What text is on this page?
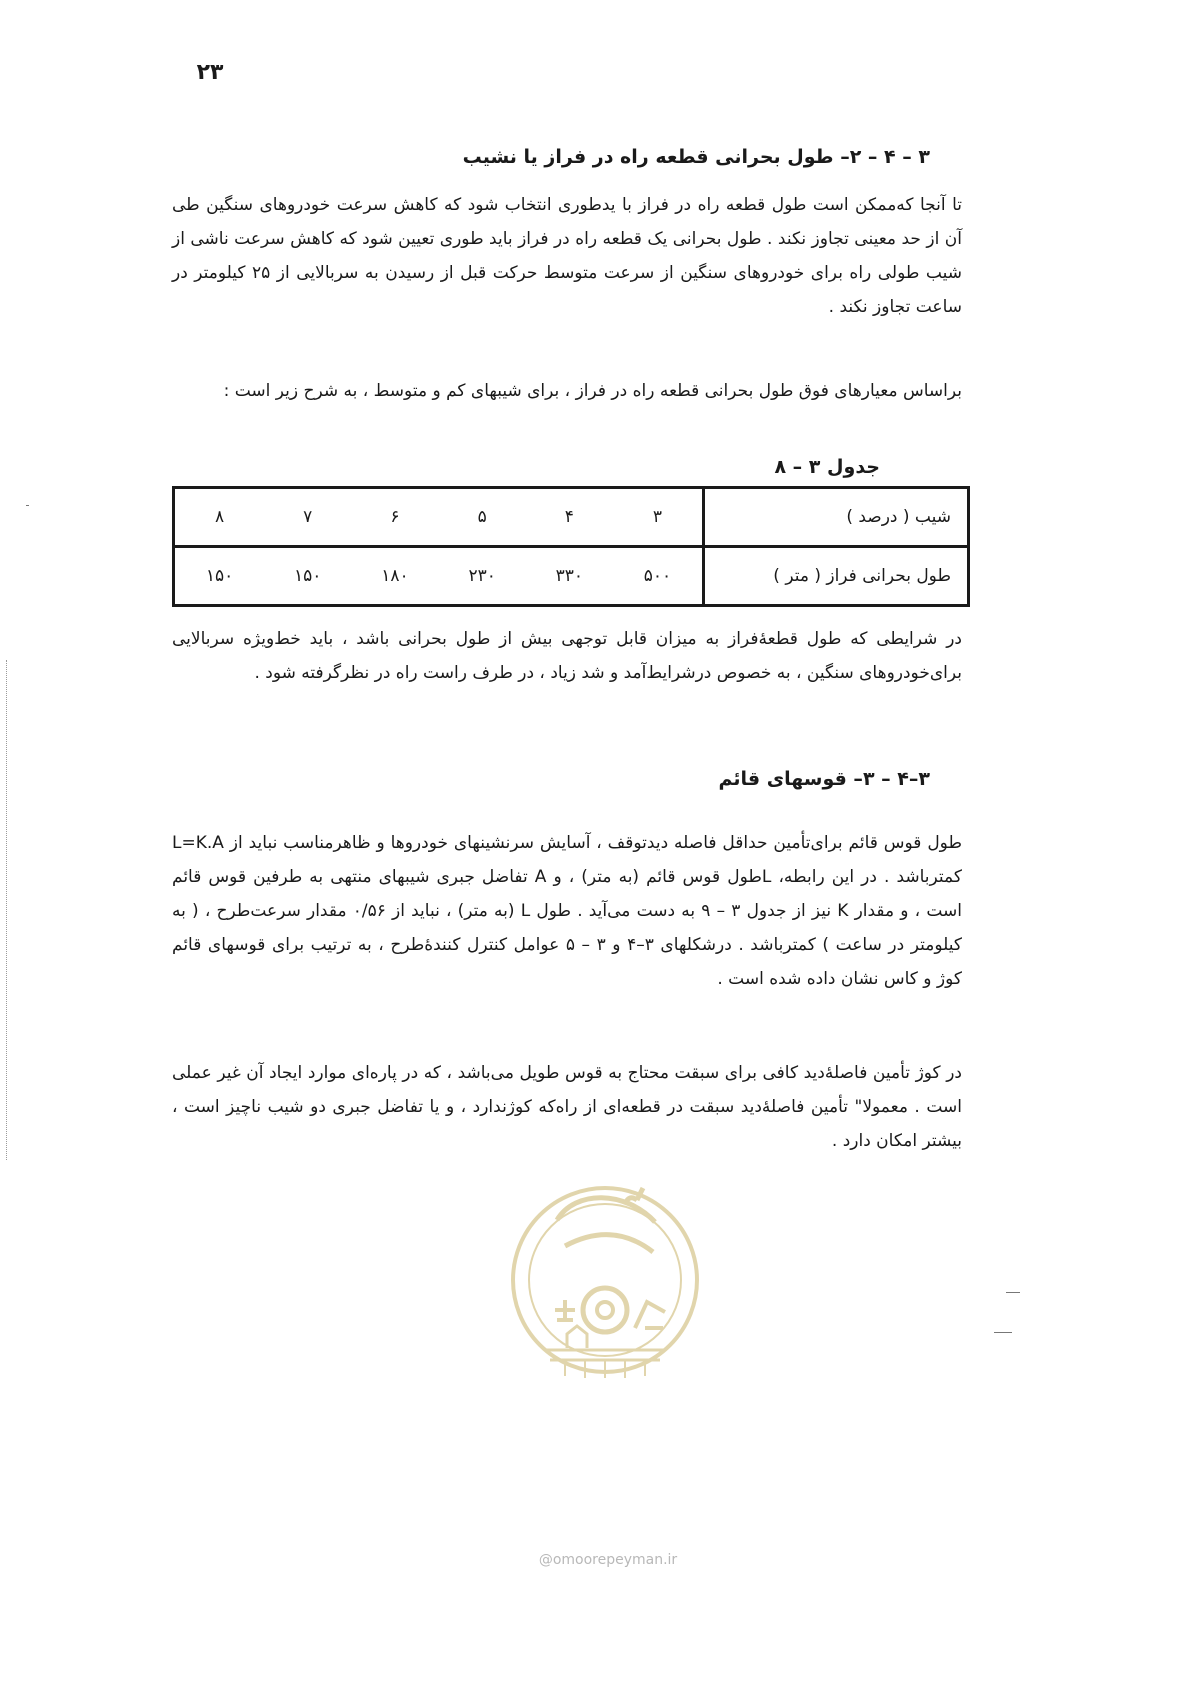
۲۳
۳ – ۴ – ۲– طول بحرانی قطعه راه در فراز یا نشیب

تا آنجا که‌ممکن است طول قطعه راه در فراز با یدطوری انتخاب شود که کاهش سرعت خودروهای سنگین طی آن از حد معینی تجاوز نکند . طول بحرانی یک قطعه راه در فراز باید طوری تعیین شود که کاهش سرعت ناشی از شیب طولی راه برای خودروهای سنگین از سرعت متوسط حرکت قبل از رسیدن به سربالایی از ۲۵ کیلومتر در ساعت تجاوز نکند .

براساس معیارهای فوق طول بحرانی قطعه راه در فراز ، برای شیبهای کم و متوسط ، به شرح زیر است :

جدول ۳ – ۸
شیب ( درصد )	۳	۴	۵	۶	۷	۸
طول بحرانی فراز ( متر )	۵۰۰	۳۳۰	۲۳۰	۱۸۰	۱۵۰	۱۵۰

در شرایطی که طول قطعه‌ٔفراز به میزان قابل توجهی بیش از طول بحرانی باشد ، باید خط‌ویژه سربالایی برای‌خودروهای سنگین ، به خصوص درشرایط‌آمد و شد زیاد ، در طرف راست راه در نظرگرفته شود .

۳–۴ – ۳– قوسهای قائم

طول قوس قائم برای‌تأمین حداقل فاصله دیدتوقف ، آسایش سرنشینهای خودروها و ظاهرمناسب نباید از L=K.A کمترباشد . در این رابطه، Lطول قوس قائم (به متر) ، و A تفاضل جبری شیبهای منتهی به طرفین قوس قائم است ، و مقدار K نیز از جدول ۳ – ۹ به دست می‌آید . طول L (به متر) ، نباید از ۰/۵۶ مقدار سرعت‌طرح ، ( به کیلومتر در ساعت ) کمترباشد . درشکلهای ۳–۴ و ۳ – ۵ عوامل کنترل کننده‌ٔطرح ، به ترتیب برای قوسهای قائم کوژ و کاس نشان داده شده است .

در کوژ تأمین فاصله‌ٔدید کافی برای سبقت محتاج به قوس طویل می‌باشد ، که در پاره‌ای موارد ایجاد آن غیر عملی است . معمولا" تأمین فاصله‌ٔدید سبقت در قطعه‌ای از راه‌که کوژندارد ، و یا تفاضل جبری دو شیب ناچیز است ، بیشتر امکان دارد .

@omoorepeyman.ir
